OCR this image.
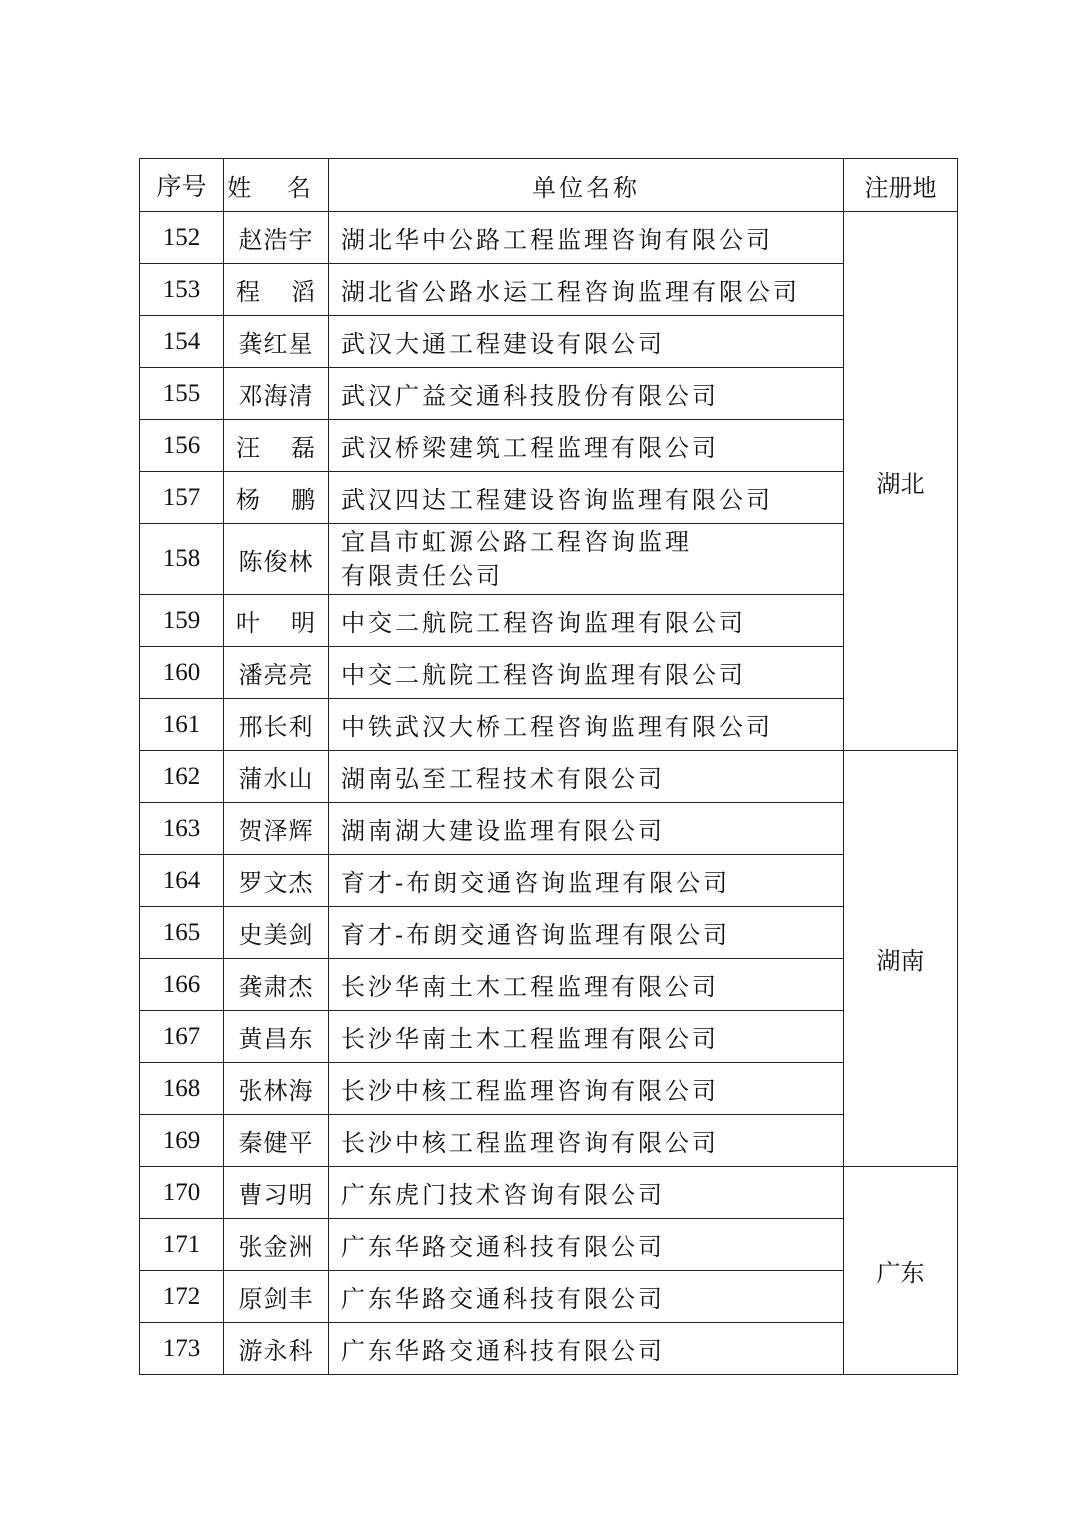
序号	姓 名	单位名称	注册地
152	赵浩宇	湖北华中公路工程监理咨询有限公司	湖北
153	程 滔	湖北省公路水运工程咨询监理有限公司	
154	龚红星	武汉大通工程建设有限公司	
155	邓海清	武汉广益交通科技股份有限公司	
156	汪 磊	武汉桥梁建筑工程监理有限公司	
157	杨 鹏	武汉四达工程建设咨询监理有限公司	
158	陈俊林	宜昌市虹源公路工程咨询监理
有限责任公司	

159	叶 明	中交二航院工程咨询监理有限公司	
160	潘亮亮	中交二航院工程咨询监理有限公司	
161	邢长利	中铁武汉大桥工程咨询监理有限公司	
162	蒲水山	湖南弘至工程技术有限公司	湖南
163	贺泽辉	湖南湖大建设监理有限公司	
164	罗文杰	育才-布朗交通咨询监理有限公司	
165	史美剑	育才-布朗交通咨询监理有限公司	
166	龚肃杰	长沙华南土木工程监理有限公司	
167	黄昌东	长沙华南土木工程监理有限公司	
168	张林海	长沙中核工程监理咨询有限公司	
169	秦健平	长沙中核工程监理咨询有限公司	
170	曹习明	广东虎门技术咨询有限公司	广东
171	张金洲	广东华路交通科技有限公司	
172	原剑丰	广东华路交通科技有限公司	
173	游永科	广东华路交通科技有限公司	
